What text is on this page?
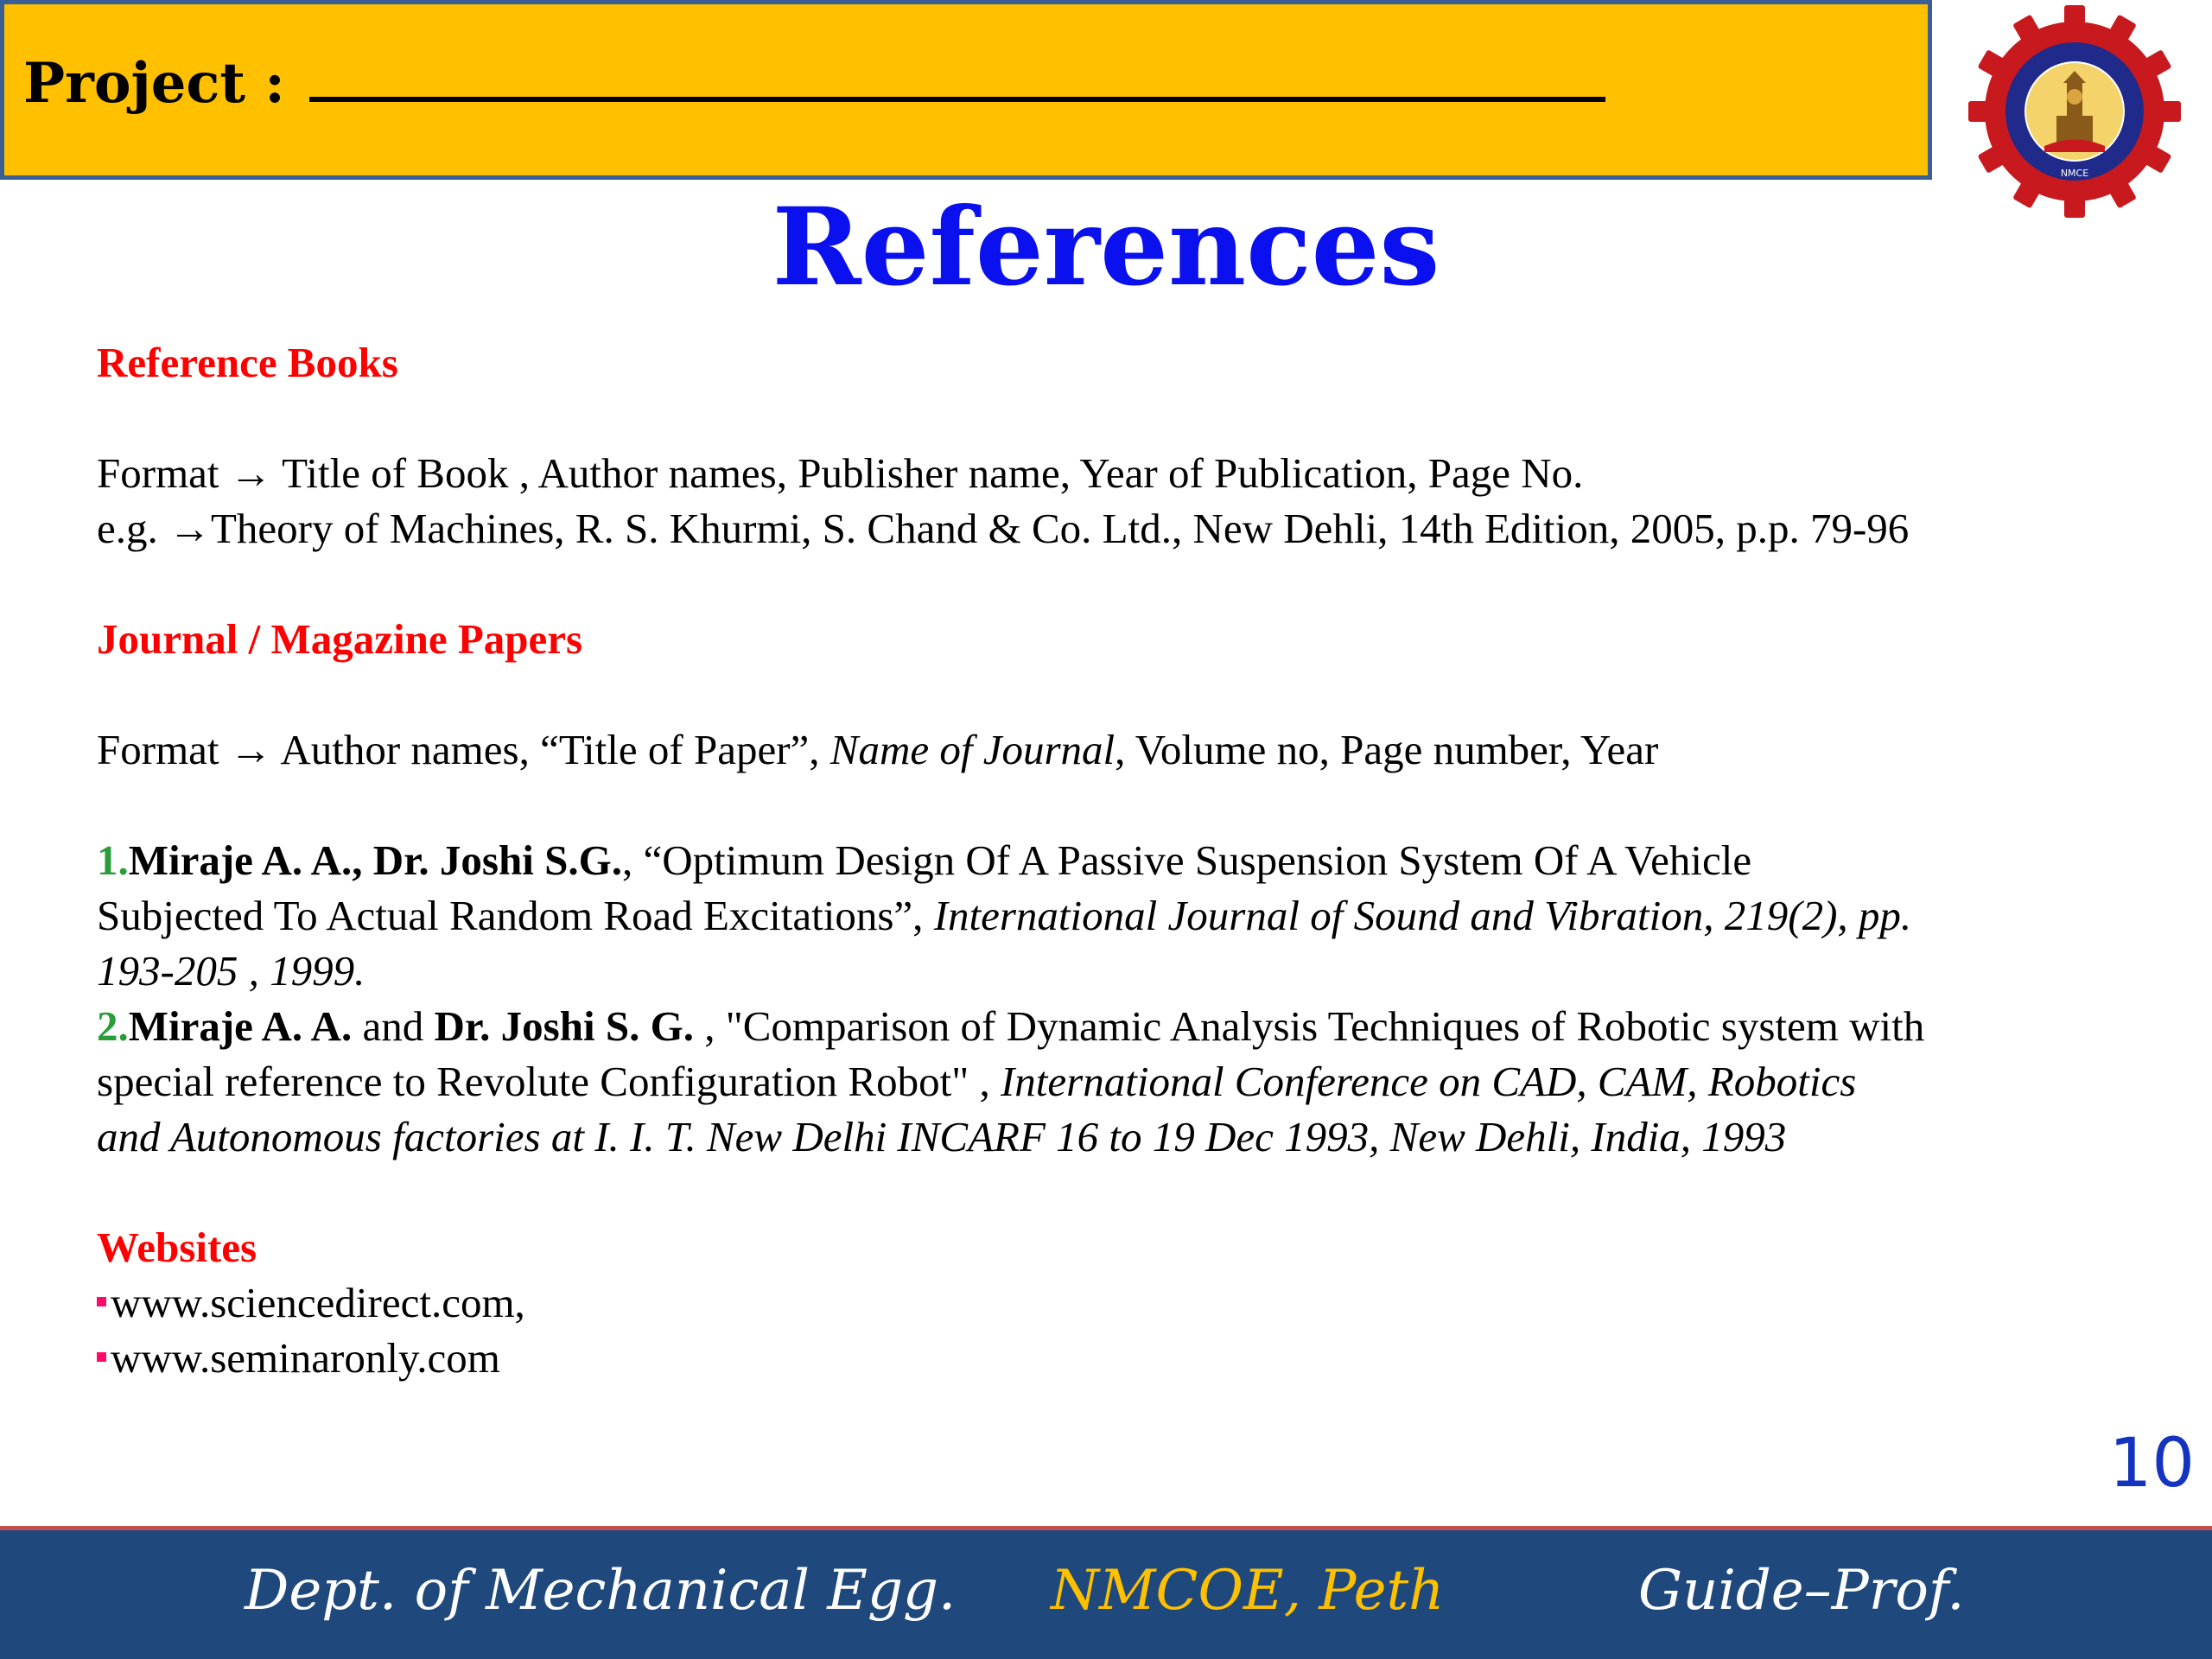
Project :
NMCE
References
Reference Books
Format → Title of Book , Author names, Publisher name, Year of Publication, Page No.
e.g. →Theory of Machines, R. S. Khurmi, S. Chand & Co. Ltd., New Dehli, 14th Edition, 2005, p.p. 79-96
Journal / Magazine Papers
Format → Author names, “Title of Paper”, Name of Journal, Volume no, Page number, Year
1.Miraje A. A., Dr. Joshi S.G., “Optimum Design Of A Passive Suspension System Of A Vehicle
Subjected To Actual Random Road Excitations”, International Journal of Sound and Vibration, 219(2), pp.
193-205 , 1999.
2.Miraje A. A. and Dr. Joshi S. G. , "Comparison of Dynamic Analysis Techniques of Robotic system with
special reference to Revolute Configuration Robot" , International Conference on CAD, CAM, Robotics
and Autonomous factories at I. I. T. New Delhi INCARF 16 to 19 Dec 1993, New Dehli, India, 1993
Websites
www.sciencedirect.com,
www.seminaronly.com
10
Dept. of Mechanical Egg. NMCOE, Peth	Guide–Prof.
